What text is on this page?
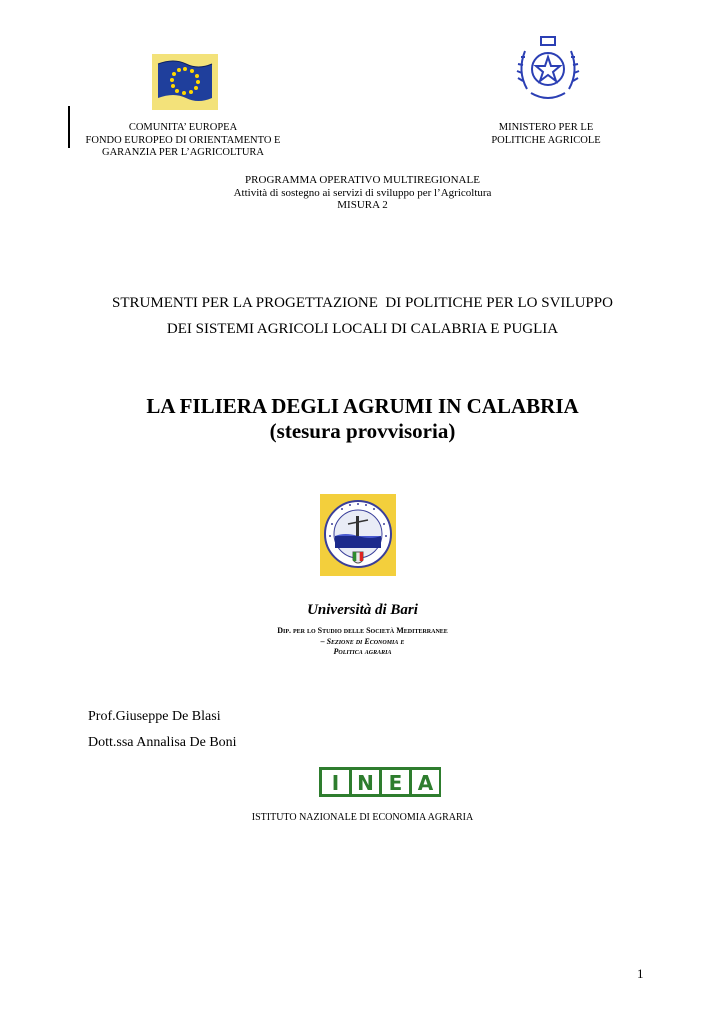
COMUNITA’ EUROPEA
FONDO EUROPEO DI ORIENTAMENTO E
GARANZIA PER L’AGRICOLTURA
MINISTERO PER LE
POLITICHE AGRICOLE
PROGRAMMA OPERATIVO MULTIREGIONALE
Attività di sostegno ai servizi di sviluppo per l’Agricoltura
MISURA 2
STRUMENTI PER LA PROGETTAZIONE  DI POLITICHE PER LO SVILUPPO
DEI SISTEMI AGRICOLI LOCALI DI CALABRIA E PUGLIA
LA FILIERA DEGLI AGRUMI IN CALABRIA
(stesura provvisoria)
Università di Bari
Dip. per lo Studio delle Società Mediterranee
– Sezione di Economia e
Politica agraria
Prof.Giuseppe De Blasi
Dott.ssa Annalisa De Boni
I N E A
ISTITUTO NAZIONALE DI ECONOMIA AGRARIA
1
